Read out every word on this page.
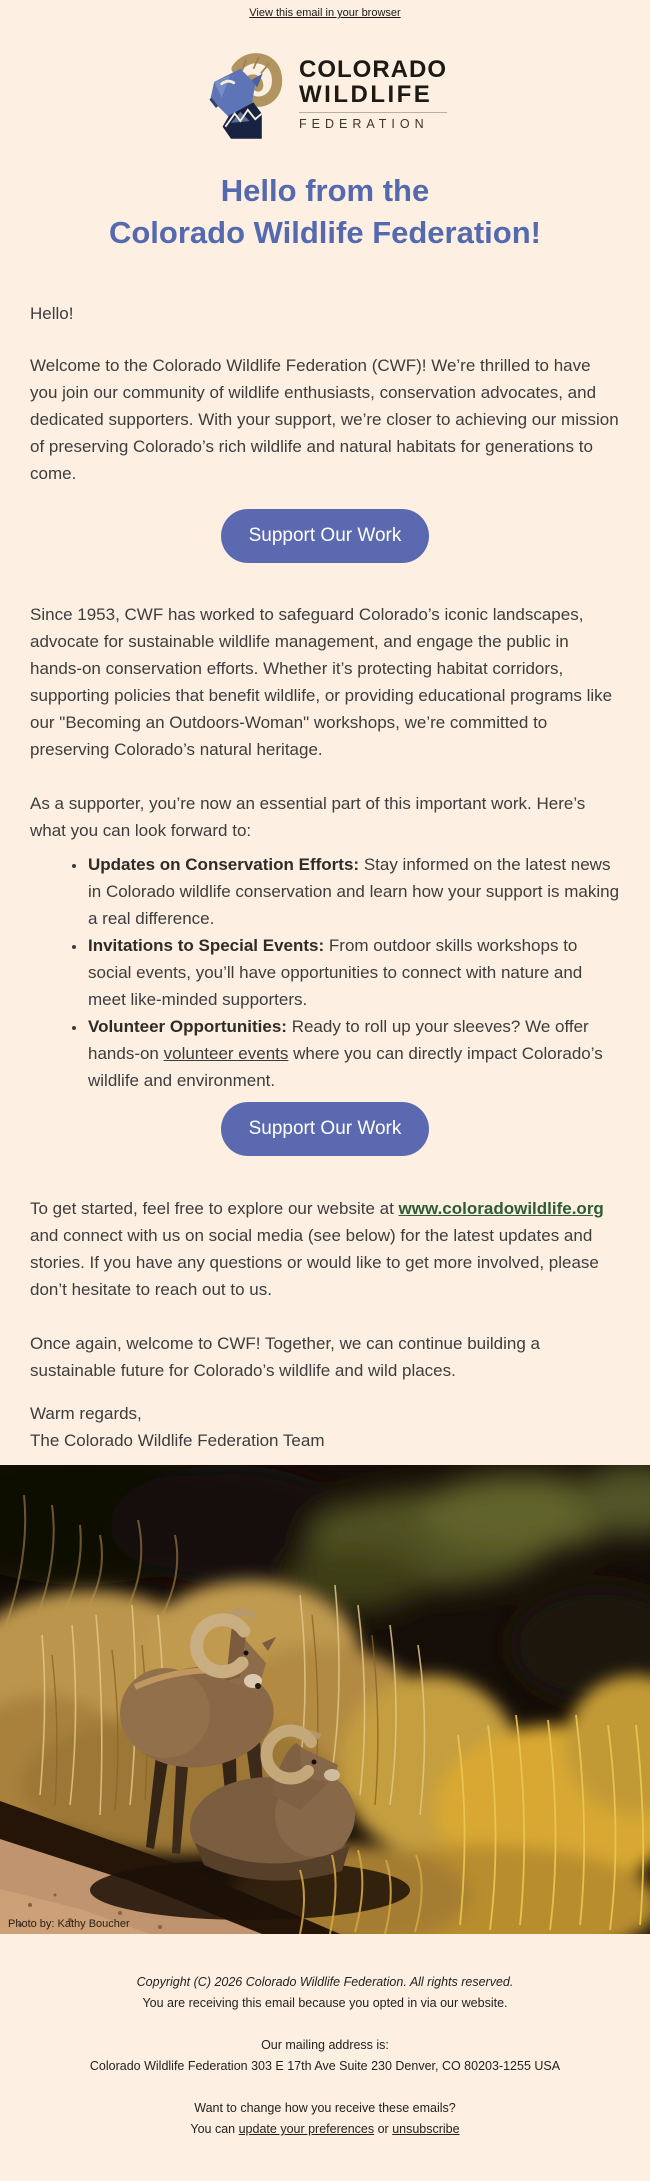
View this email in your browser
COLORADO
WILDLIFE
FEDERATION
Hello from the
Colorado Wildlife Federation!

Hello!

Welcome to the Colorado Wildlife Federation (CWF)! We’re thrilled to have you join our community of wildlife enthusiasts, conservation advocates, and dedicated supporters. With your support, we’re closer to achieving our mission of preserving Colorado’s rich wildlife and natural habitats for generations to come.

Support Our Work

Since 1953, CWF has worked to safeguard Colorado’s iconic landscapes, advocate for sustainable wildlife management, and engage the public in hands-on conservation efforts. Whether it’s protecting habitat corridors, supporting policies that benefit wildlife, or providing educational programs like our "Becoming an Outdoors-Woman" workshops, we’re committed to preserving Colorado’s natural heritage.

As a supporter, you’re now an essential part of this important work. Here’s what you can look forward to:

• Updates on Conservation Efforts: Stay informed on the latest news in Colorado wildlife conservation and learn how your support is making a real difference.
• Invitations to Special Events: From outdoor skills workshops to social events, you’ll have opportunities to connect with nature and meet like-minded supporters.
• Volunteer Opportunities: Ready to roll up your sleeves? We offer hands-on volunteer events where you can directly impact Colorado’s wildlife and environment.
Support Our Work

To get started, feel free to explore our website at www.coloradowildlife.org and connect with us on social media (see below) for the latest updates and stories. If you have any questions or would like to get more involved, please don’t hesitate to reach out to us.

Once again, welcome to CWF! Together, we can continue building a sustainable future for Colorado’s wildlife and wild places.

Warm regards,
The Colorado Wildlife Federation Team

Photo by: Kathy Boucher
Copyright (C) 2026 Colorado Wildlife Federation. All rights reserved.
You are receiving this email because you opted in via our website.
Our mailing address is:
Colorado Wildlife Federation 303 E 17th Ave Suite 230 Denver, CO 80203-1255 USA
Want to change how you receive these emails?
You can update your preferences or unsubscribe
